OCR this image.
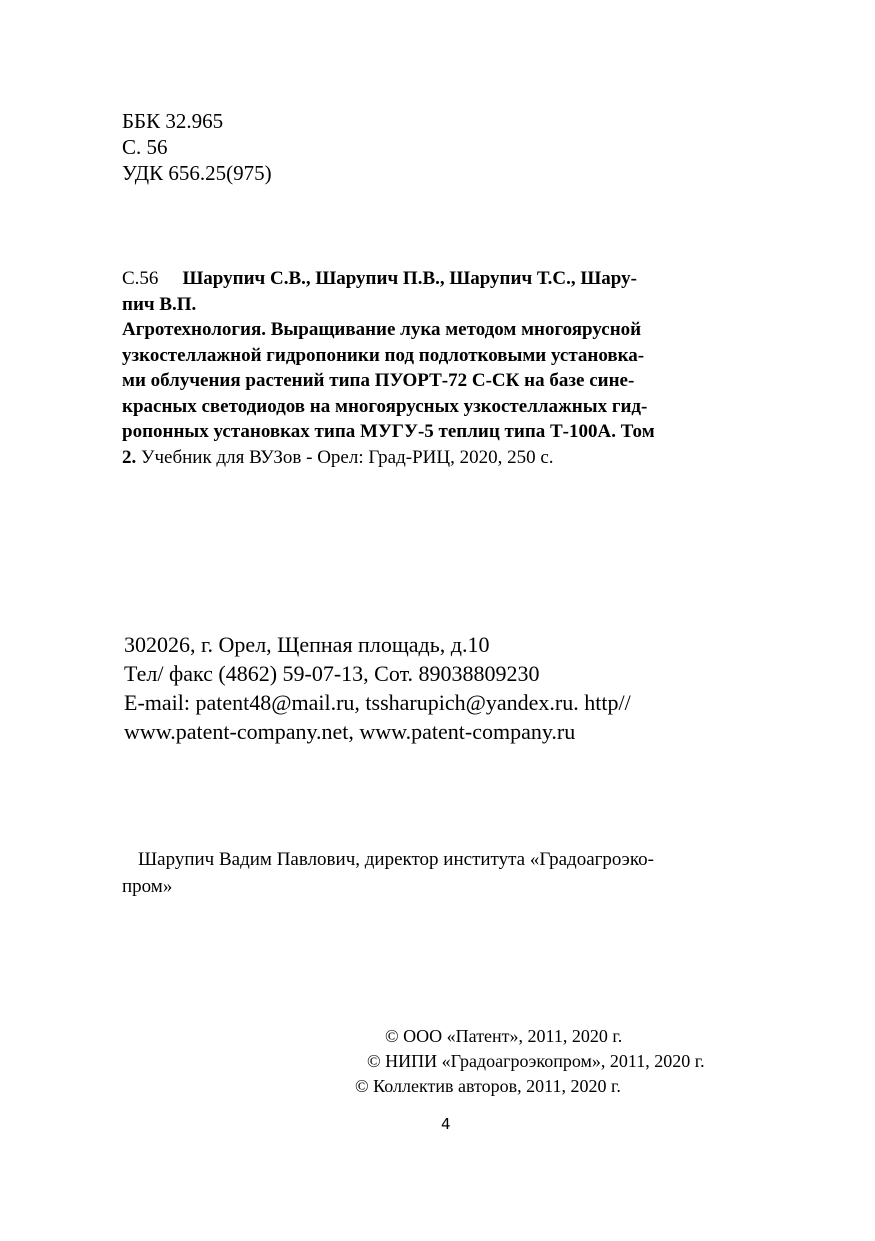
ББК 32.965
С. 56
УДК 656.25(975)
С.56 Шарупич С.В., Шарупич П.В., Шарупич Т.С., Шару-
пич В.П.
Агротехнология. Выращивание лука методом многоярусной
узкостеллажной гидропоники под подлотковыми установка-
ми облучения растений типа ПУОРТ-72 С-СК на базе сине-
красных светодиодов на многоярусных узкостеллажных гид-
ропонных установках типа МУГУ-5 теплиц типа Т-100А. Том
2. Учебник для ВУЗов - Орел: Град-РИЦ, 2020, 250 с.
302026, г. Орел, Щепная площадь, д.10
Тел/ факс (4862) 59-07-13, Сот. 89038809230
E-mail: patent48@mail.ru, tssharupich@yandex.ru. http//
www.patent-company.net, www.patent-company.ru
Шарупич Вадим Павлович, директор института «Градоагроэко-
пром»
© ООО «Патент», 2011, 2020 г.
© НИПИ «Градоагроэкопром», 2011, 2020 г.
© Коллектив авторов, 2011, 2020 г.
4
